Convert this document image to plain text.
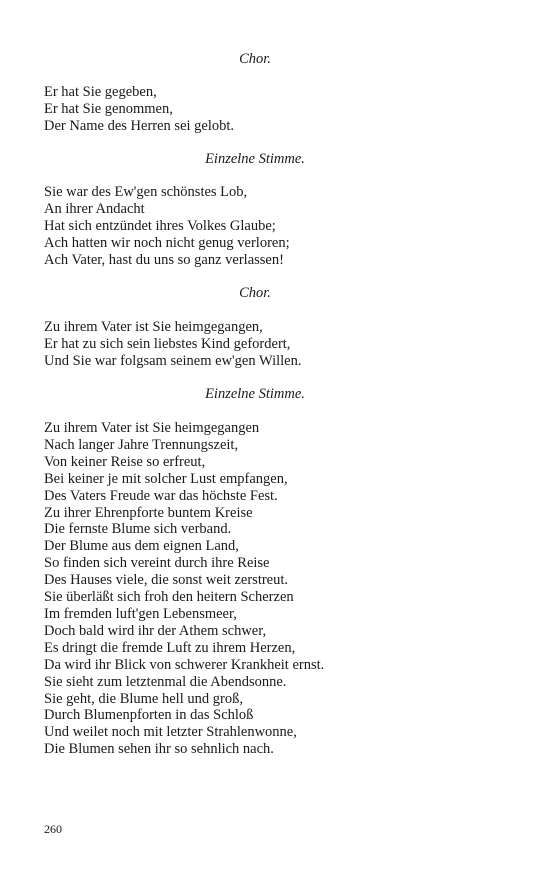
Chor.
Er hat Sie gegeben,
Er hat Sie genommen,
Der Name des Herren sei gelobt.
Einzelne Stimme.
Sie war des Ew'gen schönstes Lob,
An ihrer Andacht
Hat sich entzündet ihres Volkes Glaube;
Ach hatten wir noch nicht genug verloren;
Ach Vater, hast du uns so ganz verlassen!
Chor.
Zu ihrem Vater ist Sie heimgegangen,
Er hat zu sich sein liebstes Kind gefordert,
Und Sie war folgsam seinem ew'gen Willen.
Einzelne Stimme.
Zu ihrem Vater ist Sie heimgegangen
Nach langer Jahre Trennungszeit,
Von keiner Reise so erfreut,
Bei keiner je mit solcher Lust empfangen,
Des Vaters Freude war das höchste Fest.
Zu ihrer Ehrenpforte buntem Kreise
Die fernste Blume sich verband.
Der Blume aus dem eignen Land,
So finden sich vereint durch ihre Reise
Des Hauses viele, die sonst weit zerstreut.
Sie überläßt sich froh den heitern Scherzen
Im fremden luft'gen Lebensmeer,
Doch bald wird ihr der Athem schwer,
Es dringt die fremde Luft zu ihrem Herzen,
Da wird ihr Blick von schwerer Krankheit ernst.
Sie sieht zum letztenmal die Abendsonne.
Sie geht, die Blume hell und groß,
Durch Blumenpforten in das Schloß
Und weilet noch mit letzter Strahlenwonne,
Die Blumen sehen ihr so sehnlich nach.
260
